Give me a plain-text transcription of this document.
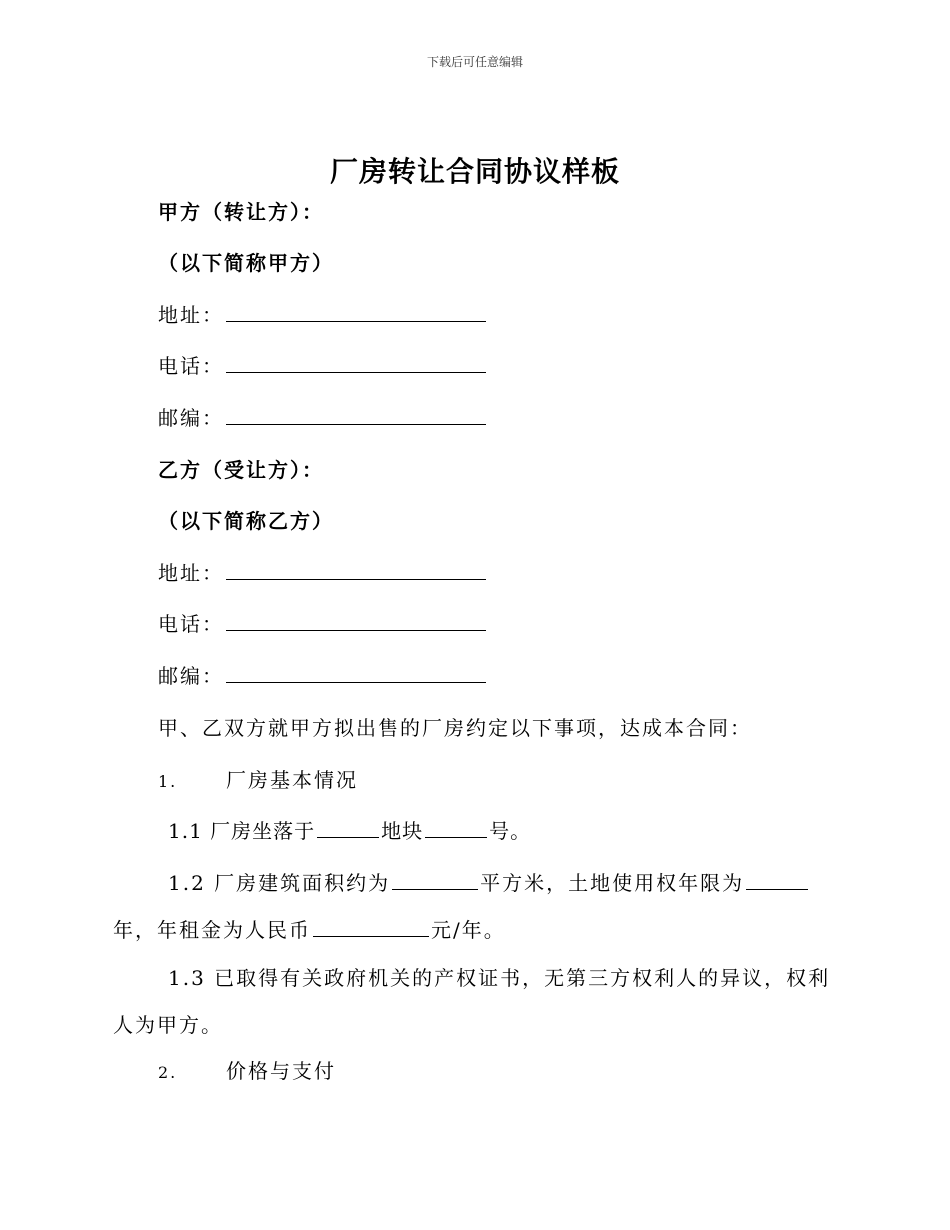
下载后可任意编辑
厂房转让合同协议样板
甲方（转让方）：
（以下简称甲方）
地址：
电话：
邮编：
乙方（受让方）：
（以下简称乙方）
地址：
电话：
邮编：
甲、乙双方就甲方拟出售的厂房约定以下事项，达成本合同：
1. 厂房基本情况
1.1 厂房坐落于	地块	号。
1.2 厂房建筑面积约为	平方米，土地使用权年限为年，年租金为人民币	元/年。
1.3 已取得有关政府机关的产权证书，无第三方权利人的异议，权利人为甲方。
2. 价格与支付
